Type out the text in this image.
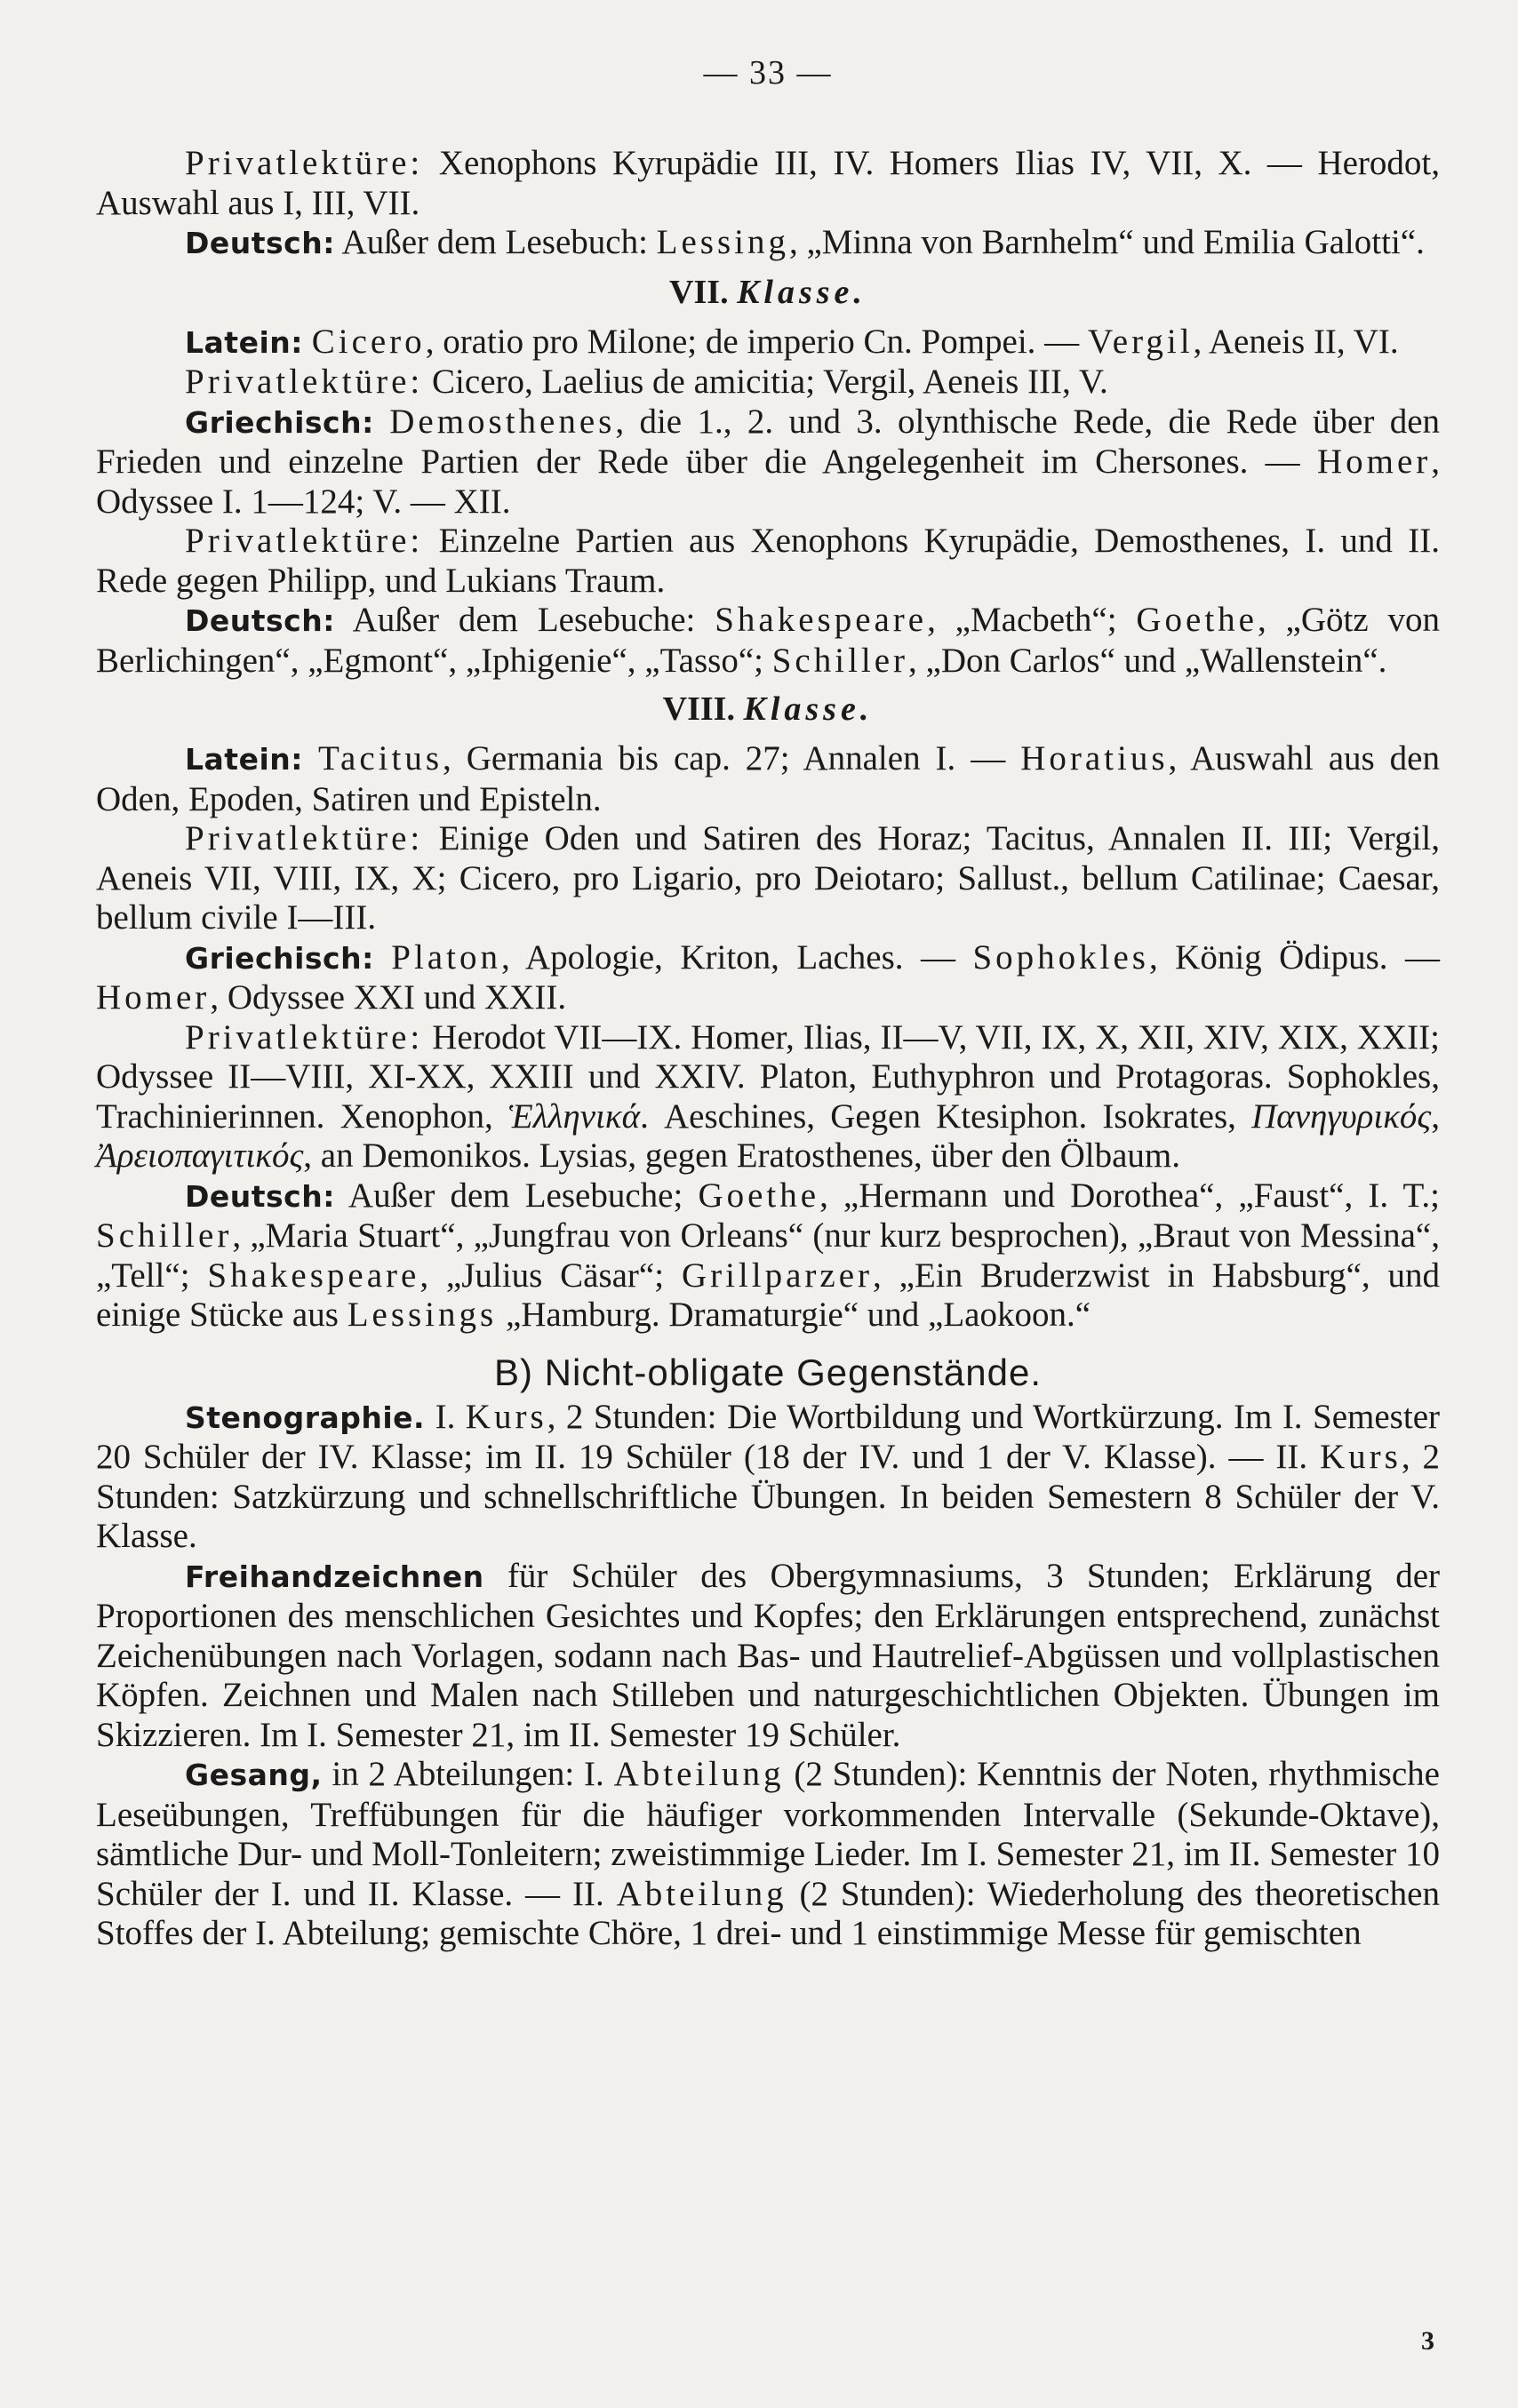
— 33 —

Privatlektüre: Xenophons Kyrupädie III, IV. Homers Ilias IV, VII, X. — Herodot, Auswahl aus I, III, VII.

Deutsch: Außer dem Lesebuch: Lessing, „Minna von Barnhelm“ und Emilia Galotti“.

VII. Klasse.

Latein: Cicero, oratio pro Milone; de imperio Cn. Pompei. — Vergil, Aeneis II, VI.

Privatlektüre: Cicero, Laelius de amicitia; Vergil, Aeneis III, V.

Griechisch: Demosthenes, die 1., 2. und 3. olynthische Rede, die Rede über den Frieden und einzelne Partien der Rede über die Angelegenheit im Chersones. — Homer, Odyssee I. 1—124; V. — XII.

Privatlektüre: Einzelne Partien aus Xenophons Kyrupädie, Demosthenes, I. und II. Rede gegen Philipp, und Lukians Traum.

Deutsch: Außer dem Lesebuche: Shakespeare, „Macbeth“; Goethe, „Götz von Berlichingen“, „Egmont“, „Iphigenie“, „Tasso“; Schiller, „Don Carlos“ und „Wallenstein“.

VIII. Klasse.

Latein: Tacitus, Germania bis cap. 27; Annalen I. — Horatius, Auswahl aus den Oden, Epoden, Satiren und Episteln.

Privatlektüre: Einige Oden und Satiren des Horaz; Tacitus, Annalen II. III; Vergil, Aeneis VII, VIII, IX, X; Cicero, pro Ligario, pro Deiotaro; Sallust., bellum Catilinae; Caesar, bellum civile I—III.

Griechisch: Platon, Apologie, Kriton, Laches. — Sophokles, König Ödipus. — Homer, Odyssee XXI und XXII.

Privatlektüre: Herodot VII—IX. Homer, Ilias, II—V, VII, IX, X, XII, XIV, XIX, XXII; Odyssee II—VIII, XI-XX, XXIII und XXIV. Platon, Euthyphron und Protagoras. Sophokles, Trachinierinnen. Xenophon, Ἑλληνικά. Aeschines, Gegen Ktesiphon. Isokrates, Πανηγυρικός, Ἀρειοπαγιτικός, an Demonikos. Lysias, gegen Eratosthenes, über den Ölbaum.

Deutsch: Außer dem Lesebuche; Goethe, „Hermann und Dorothea“, „Faust“, I. T.; Schiller, „Maria Stuart“, „Jungfrau von Orleans“ (nur kurz besprochen), „Braut von Messina“, „Tell“; Shakespeare, „Julius Cäsar“; Grillparzer, „Ein Bruderzwist in Habsburg“, und einige Stücke aus Lessings „Hamburg. Dramaturgie“ und „Laokoon.“

B) Nicht-obligate Gegenstände.

Stenographie. I. Kurs, 2 Stunden: Die Wortbildung und Wortkürzung. Im I. Semester 20 Schüler der IV. Klasse; im II. 19 Schüler (18 der IV. und 1 der V. Klasse). — II. Kurs, 2 Stunden: Satzkürzung und schnellschriftliche Übungen. In beiden Semestern 8 Schüler der V. Klasse.

Freihandzeichnen für Schüler des Obergymnasiums, 3 Stunden; Erklärung der Proportionen des menschlichen Gesichtes und Kopfes; den Erklärungen entsprechend, zunächst Zeichenübungen nach Vorlagen, sodann nach Bas- und Hautrelief-Abgüssen und vollplastischen Köpfen. Zeichnen und Malen nach Stilleben und naturgeschichtlichen Objekten. Übungen im Skizzieren. Im I. Semester 21, im II. Semester 19 Schüler.

Gesang, in 2 Abteilungen: I. Abteilung (2 Stunden): Kenntnis der Noten, rhythmische Leseübungen, Treffübungen für die häufiger vorkommenden Intervalle (Sekunde-Oktave), sämtliche Dur- und Moll-Tonleitern; zweistimmige Lieder. Im I. Semester 21, im II. Semester 10 Schüler der I. und II. Klasse. — II. Abteilung (2 Stunden): Wiederholung des theoretischen Stoffes der I. Abteilung; gemischte Chöre, 1 drei- und 1 einstimmige Messe für gemischten

3
